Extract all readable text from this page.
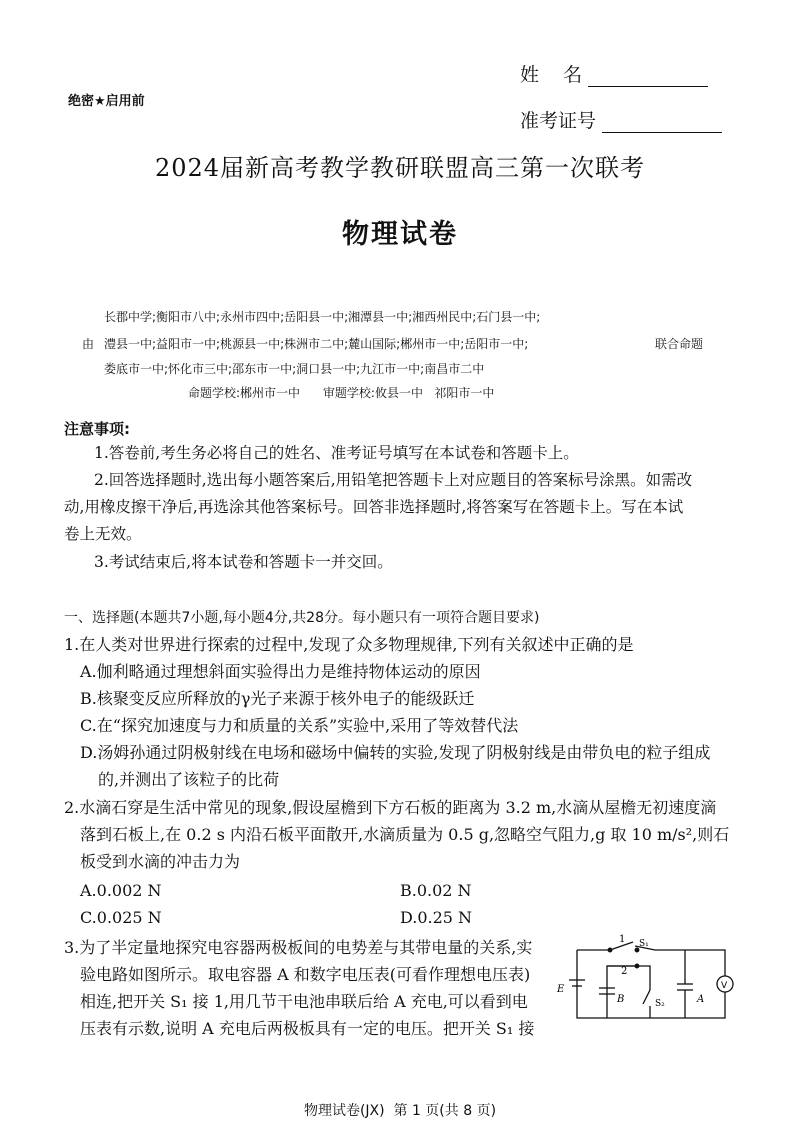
绝密★启用前
姓    名
准考证号
2024届新高考教学教研联盟高三第一次联考
物理试卷
长郡中学;衡阳市八中;永州市四中;岳阳县一中;湘潭县一中;湘西州民中;石门县一中;
由 澧县一中;益阳市一中;桃源县一中;株洲市二中;麓山国际;郴州市一中;岳阳市一中;	联合命题
娄底市一中;怀化市三中;邵东市一中;洞口县一中;九江市一中;南昌市二中
命题学校:郴州市一中      审题学校:攸县一中   祁阳市一中
注意事项:
1.答卷前,考生务必将自己的姓名、准考证号填写在本试卷和答题卡上。
2.回答选择题时,选出每小题答案后,用铅笔把答题卡上对应题目的答案标号涂黑。如需改
动,用橡皮擦干净后,再选涂其他答案标号。回答非选择题时,将答案写在答题卡上。写在本试
卷上无效。
3.考试结束后,将本试卷和答题卡一并交回。
一、选择题(本题共7小题,每小题4分,共28分。每小题只有一项符合题目要求)
1.在人类对世界进行探索的过程中,发现了众多物理规律,下列有关叙述中正确的是
A.伽利略通过理想斜面实验得出力是维持物体运动的原因
B.核聚变反应所释放的γ光子来源于核外电子的能级跃迁
C.在“探究加速度与力和质量的关系”实验中,采用了等效替代法
D.汤姆孙通过阴极射线在电场和磁场中偏转的实验,发现了阴极射线是由带负电的粒子组成
的,并测出了该粒子的比荷
2.水滴石穿是生活中常见的现象,假设屋檐到下方石板的距离为 3.2 m,水滴从屋檐无初速度滴
落到石板上,在 0.2 s 内沿石板平面散开,水滴质量为 0.5 g,忽略空气阻力,g 取 10 m/s²,则石
板受到水滴的冲击力为
A.0.002 N	B.0.02 N
C.0.025 N	D.0.25 N
3.为了半定量地探究电容器两极板间的电势差与其带电量的关系,实
验电路如图所示。取电容器 A 和数字电压表(可看作理想电压表)
相连,把开关 S₁ 接 1,用几节干电池串联后给 A 充电,可以看到电
压表有示数,说明 A 充电后两极板具有一定的电压。把开关 S₁ 接
E
1 S₁
2
B	S₂	A
V
物理试卷(JX)  第 1 页(共 8 页)
